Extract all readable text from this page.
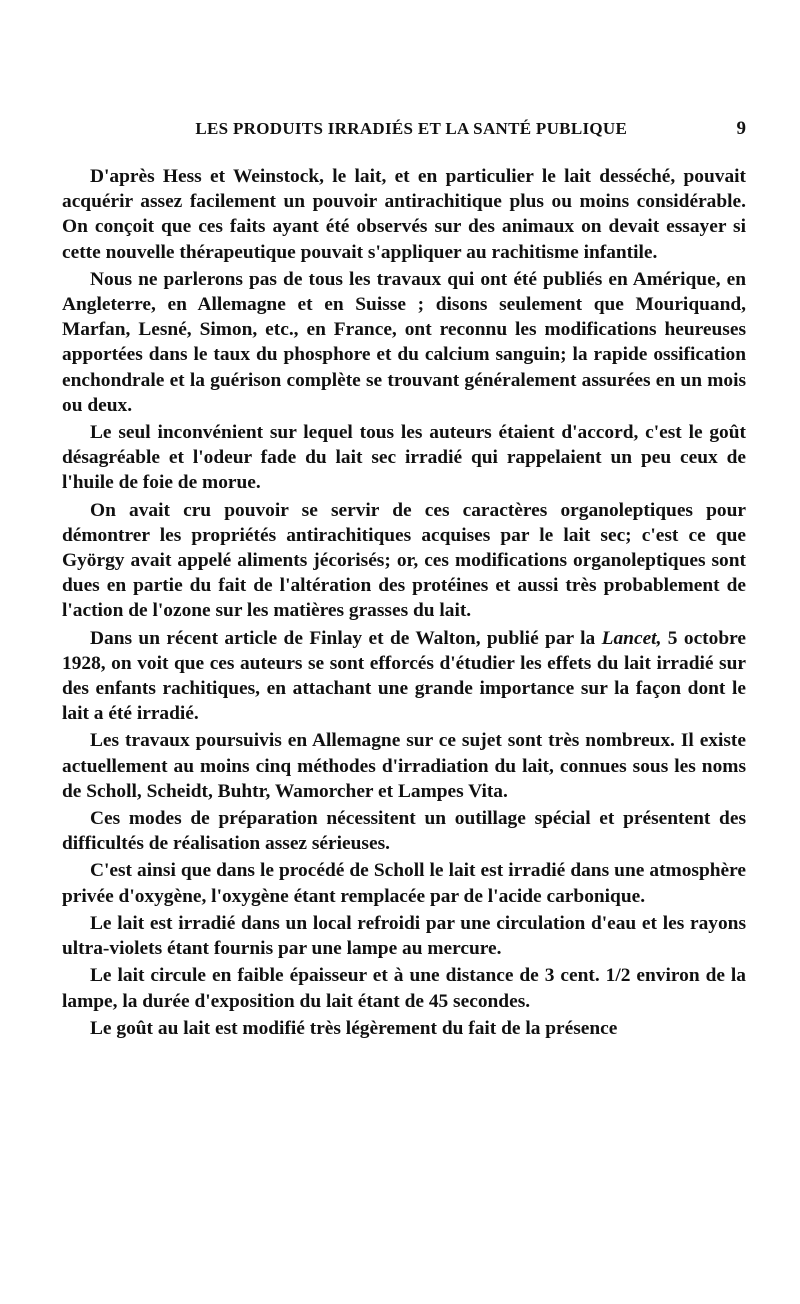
LES PRODUITS IRRADIÉS ET LA SANTÉ PUBLIQUE	9

D'après Hess et Weinstock, le lait, et en particulier le lait desséché, pouvait acquérir assez facilement un pouvoir antirachitique plus ou moins considérable. On conçoit que ces faits ayant été observés sur des animaux on devait essayer si cette nouvelle thérapeutique pouvait s'appliquer au rachitisme infantile.

Nous ne parlerons pas de tous les travaux qui ont été publiés en Amérique, en Angleterre, en Allemagne et en Suisse ; disons seulement que Mouriquand, Marfan, Lesné, Simon, etc., en France, ont reconnu les modifications heureuses apportées dans le taux du phosphore et du calcium sanguin; la rapide ossification enchondrale et la guérison complète se trouvant généralement assurées en un mois ou deux.

Le seul inconvénient sur lequel tous les auteurs étaient d'accord, c'est le goût désagréable et l'odeur fade du lait sec irradié qui rappelaient un peu ceux de l'huile de foie de morue.

On avait cru pouvoir se servir de ces caractères organoleptiques pour démontrer les propriétés antirachitiques acquises par le lait sec; c'est ce que György avait appelé aliments jécorisés; or, ces modifications organoleptiques sont dues en partie du fait de l'altération des protéines et aussi très probablement de l'action de l'ozone sur les matières grasses du lait.

Dans un récent article de Finlay et de Walton, publié par la Lancet, 5 octobre 1928, on voit que ces auteurs se sont efforcés d'étudier les effets du lait irradié sur des enfants rachitiques, en attachant une grande importance sur la façon dont le lait a été irradié.

Les travaux poursuivis en Allemagne sur ce sujet sont très nombreux. Il existe actuellement au moins cinq méthodes d'irradiation du lait, connues sous les noms de Scholl, Scheidt, Buhtr, Wamorcher et Lampes Vita.

Ces modes de préparation nécessitent un outillage spécial et présentent des difficultés de réalisation assez sérieuses.

C'est ainsi que dans le procédé de Scholl le lait est irradié dans une atmosphère privée d'oxygène, l'oxygène étant remplacée par de l'acide carbonique.

Le lait est irradié dans un local refroidi par une circulation d'eau et les rayons ultra-violets étant fournis par une lampe au mercure.

Le lait circule en faible épaisseur et à une distance de 3 cent. 1/2 environ de la lampe, la durée d'exposition du lait étant de 45 secondes.

Le goût au lait est modifié très légèrement du fait de la présence
